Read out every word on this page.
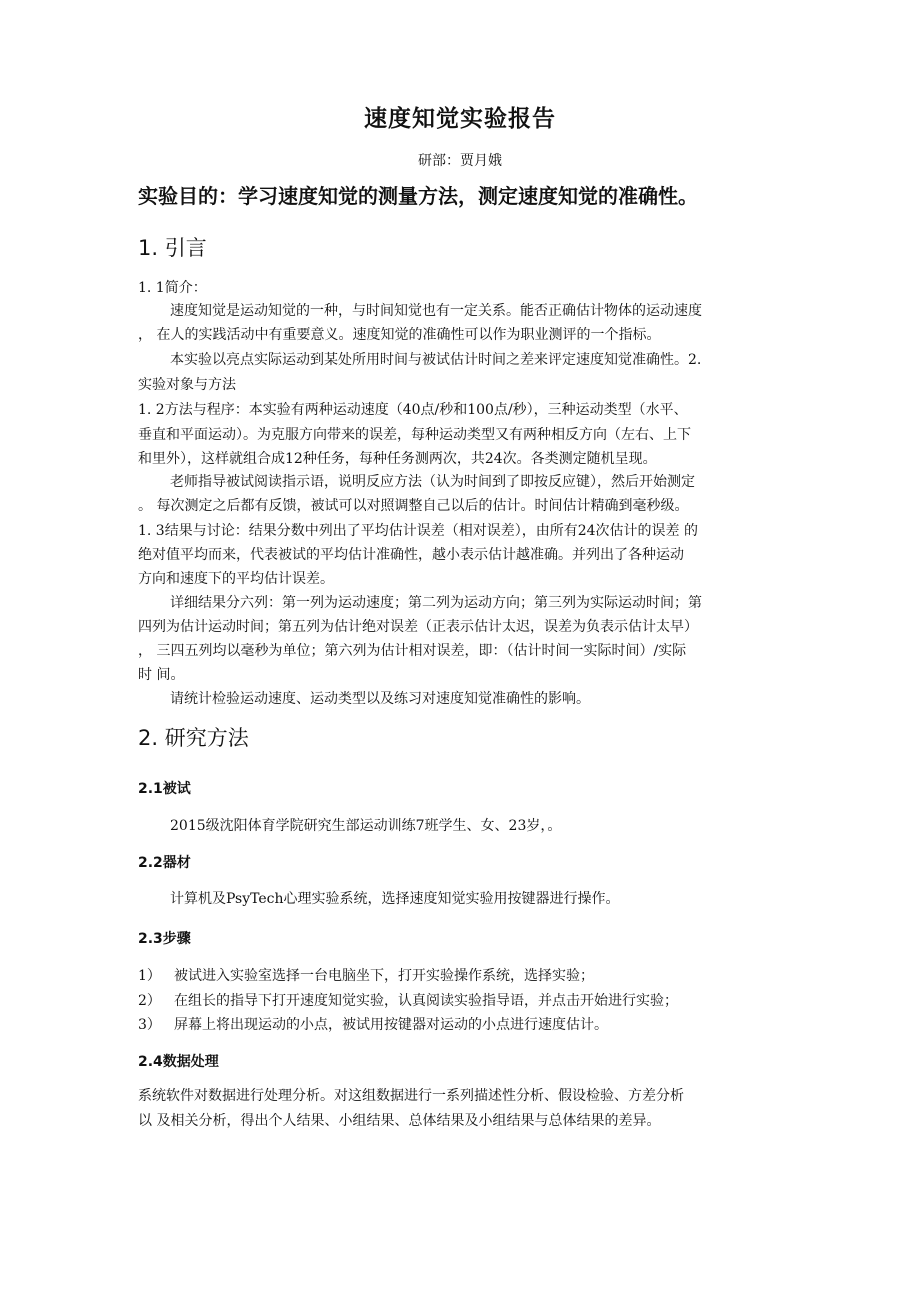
速度知觉实验报告
研部：贾月娥
实验目的：学习速度知觉的测量方法，测定速度知觉的准确性。
1. 引言
1. 1简介：
速度知觉是运动知觉的一种，与时间知觉也有一定关系。能否正确估计物体的运动速度
， 在人的实践活动中有重要意义。速度知觉的准确性可以作为职业测评的一个指标。
本实验以亮点实际运动到某处所用时间与被试估计时间之差来评定速度知觉准确性。2.
实验对象与方法
1. 2方法与程序：本实验有两种运动速度（40点/秒和100点/秒），三种运动类型（水平、
垂直和平面运动）。为克服方向带来的误差，每种运动类型又有两种相反方向（左右、上下
和里外），这样就组合成12种任务，每种任务测两次，共24次。各类测定随机呈现。
老师指导被试阅读指示语，说明反应方法（认为时间到了即按反应键），然后开始测定
。 每次测定之后都有反馈，被试可以对照调整自己以后的估计。时间估计精确到毫秒级。
1. 3结果与讨论：结果分数中列出了平均估计误差（相对误差），由所有24次估计的误差 的
绝对值平均而来，代表被试的平均估计准确性，越小表示估计越准确。并列出了各种运动
方向和速度下的平均估计误差。
详细结果分六列：第一列为运动速度；第二列为运动方向；第三列为实际运动时间；第
四列为估计运动时间；第五列为估计绝对误差（正表示估计太迟，误差为负表示估计太早）
， 三四五列均以毫秒为单位；第六列为估计相对误差，即：（估计时间一实际时间）/实际
时 间。
请统计检验运动速度、运动类型以及练习对速度知觉准确性的影响。
2. 研究方法
2.1被试
2015级沈阳体育学院研究生部运动训练7班学生、女、23岁，。
2.2器材
计算机及PsyTech心理实验系统，选择速度知觉实验用按键器进行操作。
2.3步骤
1） 被试进入实验室选择一台电脑坐下，打开实验操作系统，选择实验；
2） 在组长的指导下打开速度知觉实验，认真阅读实验指导语，并点击开始进行实验；
3） 屏幕上将出现运动的小点，被试用按键器对运动的小点进行速度估计。
2.4数据处理
系统软件对数据进行处理分析。对这组数据进行一系列描述性分析、假设检验、方差分析
以 及相关分析，得出个人结果、小组结果、总体结果及小组结果与总体结果的差异。
